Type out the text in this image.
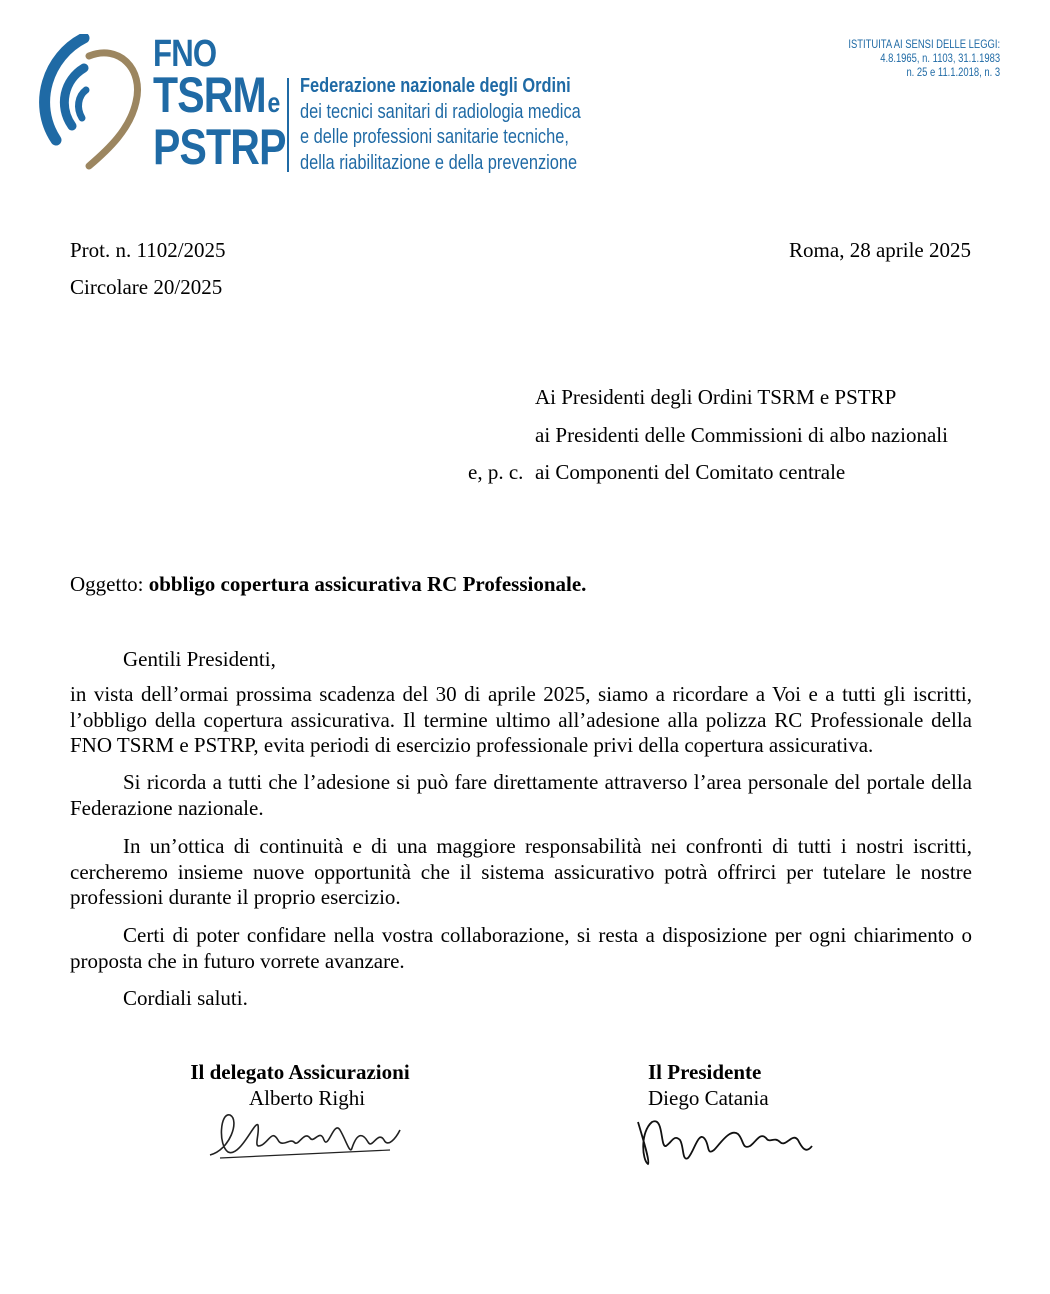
FNO
TSRMe
PSTRP
Federazione nazionale degli Ordini
dei tecnici sanitari di radiologia medica
e delle professioni sanitarie tecniche,
della riabilitazione e della prevenzione
ISTITUITA AI SENSI DELLE LEGGI:
4.8.1965, n. 1103, 31.1.1983
n. 25 e 11.1.2018, n. 3
Prot. n. 1102/2025
Circolare 20/2025
Roma, 28 aprile 2025
Ai Presidenti degli Ordini TSRM e PSTRP
ai Presidenti delle Commissioni di albo nazionali
e, p. c. ai Componenti del Comitato centrale
Oggetto: obbligo copertura assicurativa RC Professionale.
Gentili Presidenti,

in vista dell’ormai prossima scadenza del 30 di aprile 2025, siamo a ricordare a Voi e a tutti gli iscritti, l’obbligo della copertura assicurativa. Il termine ultimo all’adesione alla polizza RC Professionale della FNO TSRM e PSTRP, evita periodi di esercizio professionale privi della copertura assicurativa.

Si ricorda a tutti che l’adesione si può fare direttamente attraverso l’area personale del portale della Federazione nazionale.

In un’ottica di continuità e di una maggiore responsabilità nei confronti di tutti i nostri iscritti, cercheremo insieme nuove opportunità che il sistema assicurativo potrà offrirci per tutelare le nostre professioni durante il proprio esercizio.

Certi di poter confidare nella vostra collaborazione, si resta a disposizione per ogni chiarimento o proposta che in futuro vorrete avanzare.

Cordiali saluti.
Il delegato Assicurazioni
Alberto Righi
Il Presidente
Diego Catania
